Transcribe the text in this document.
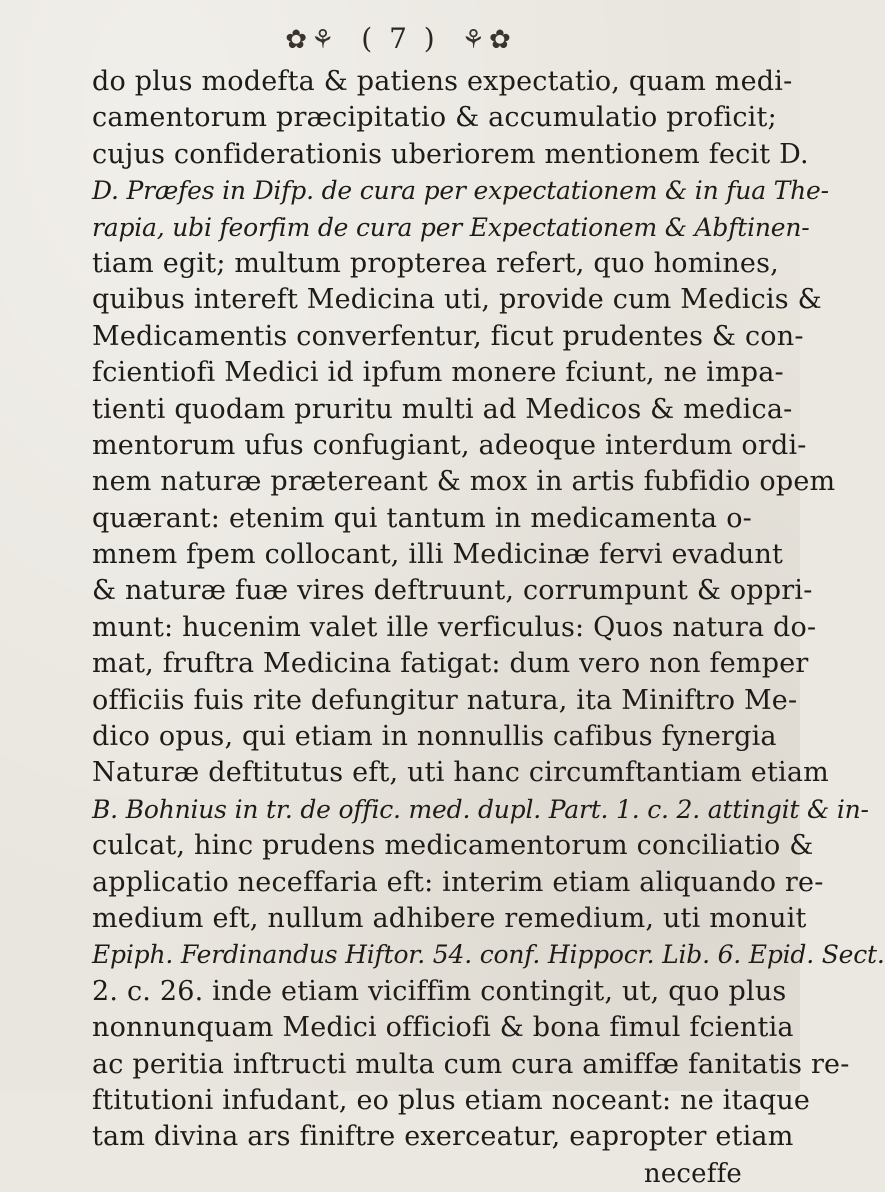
✿⚘ ( 7 ) ⚘✿
do plus modefta & patiens expectatio, quam medi-
camentorum præcipitatio & accumulatio proficit;
cujus confiderationis uberiorem mentionem fecit D.
D. Præfes in Difp. de cura per expectationem & in fua The-
rapia, ubi feorfim de cura per Expectationem & Abftinen-
tiam egit; multum propterea refert, quo homines,
quibus intereft Medicina uti, provide cum Medicis &
Medicamentis converfentur, ficut prudentes & con-
fcientiofi Medici id ipfum monere fciunt, ne impa-
tienti quodam pruritu multi ad Medicos & medica-
mentorum ufus confugiant, adeoque interdum ordi-
nem naturæ prætereant & mox in artis fubfidio opem
quærant: etenim qui tantum in medicamenta o-
mnem fpem collocant, illi Medicinæ fervi evadunt
& naturæ fuæ vires deftruunt, corrumpunt & oppri-
munt: hucenim valet ille verficulus: Quos natura do-
mat, fruftra Medicina fatigat: dum vero non femper
officiis fuis rite defungitur natura, ita Miniftro Me-
dico opus, qui etiam in nonnullis cafibus fynergia
Naturæ deftitutus eft, uti hanc circumftantiam etiam
B. Bohnius in tr. de offic. med. dupl. Part. 1. c. 2. attingit & in-
culcat, hinc prudens medicamentorum conciliatio &
applicatio neceffaria eft: interim etiam aliquando re-
medium eft, nullum adhibere remedium, uti monuit
Epiph. Ferdinandus Hiftor. 54. conf. Hippocr. Lib. 6. Epid. Sect.
2. c. 26. inde etiam viciffim contingit, ut, quo plus
nonnunquam Medici officiofi & bona fimul fcientia
ac peritia inftructi multa cum cura amiffæ fanitatis re-
ftitutioni infudant, eo plus etiam noceant: ne itaque
tam divina ars finiftre exerceatur, eapropter etiam
neceffe
